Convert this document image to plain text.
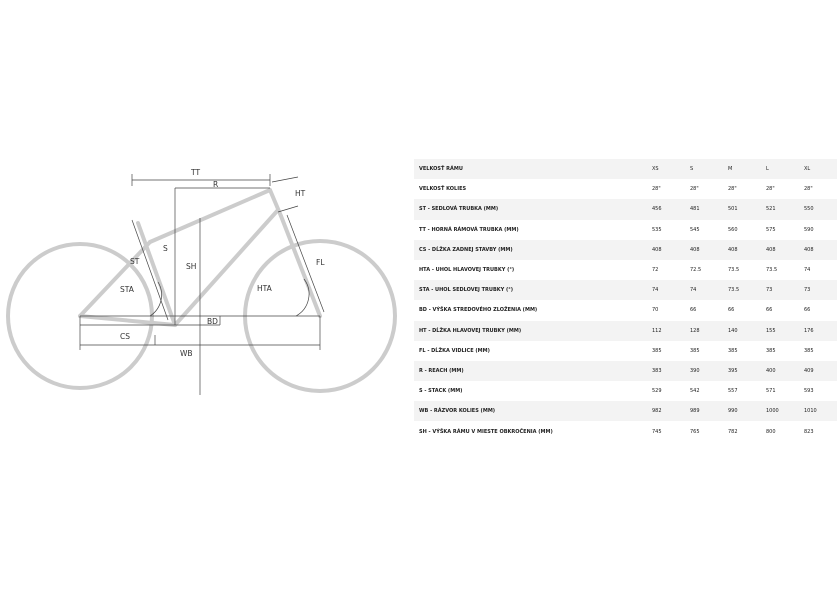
TT
R
HT
S
ST
SH	FL
STA	HTA
BD
CS
WB
VELKOSŤ RÁMU	XS	S	M	L	XL
VELKOSŤ KOLIES	28"	28"	28"	28"	28"
ST - SEDLOVÁ TRUBKA (MM)	456	481	501	521	550
TT - HORNÁ RÁMOVÁ TRUBKA (MM)	535	545	560	575	590
CS - DĹŽKA ZADNEJ STAVBY (MM)	408	408	408	408	408
HTA - UHOL HLAVOVEJ TRUBKY (°)	72	72.5	73.5	73.5	74
STA - UHOL SEDLOVEJ TRUBKY (°)	74	74	73.5	73	73
BD - VÝŠKA STREDOVÉHO ZLOŽENIA (MM)	70	66	66	66	66
HT - DĹŽKA HLAVOVEJ TRUBKY (MM)	112	128	140	155	176
FL - DĹŽKA VIDLICE (MM)	385	385	385	385	385
R - REACH (MM)	383	390	395	400	409
S - STACK (MM)	529	542	557	571	593
WB - RÁZVOR KOLIES (MM)	982	989	990	1000	1010
SH - VÝŠKA RÁMU V MIESTE OBKROČENIA (MM)	745	765	782	800	823
